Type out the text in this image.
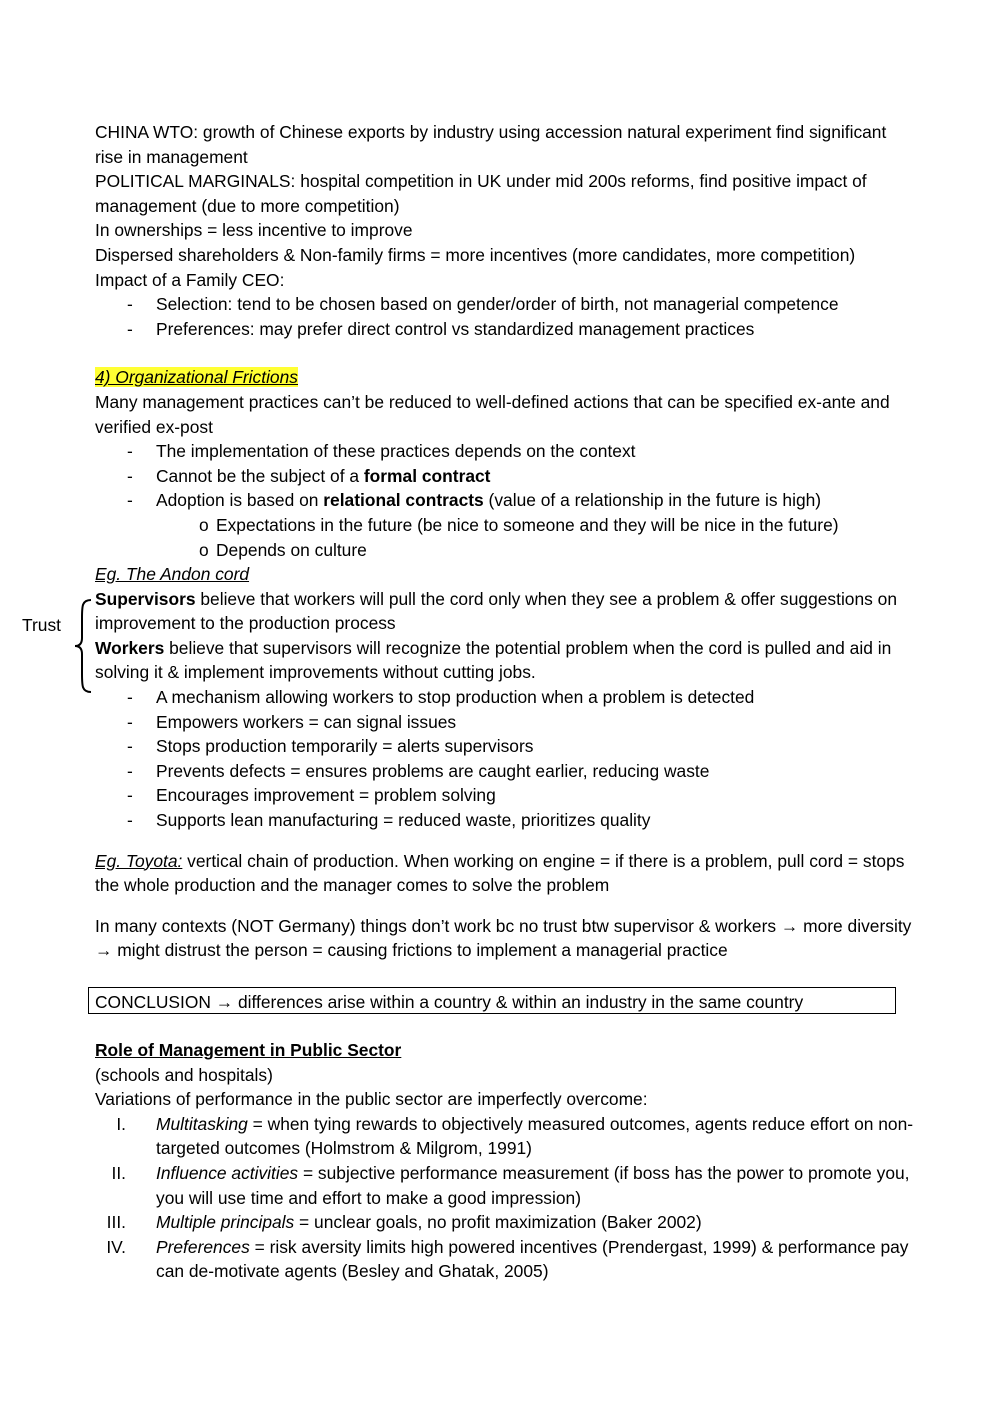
Trust

CHINA WTO: growth of Chinese exports by industry using accession natural experiment find significant rise in management

POLITICAL MARGINALS: hospital competition in UK under mid 200s reforms, find positive impact of management (due to more competition)

In ownerships = less incentive to improve

Dispersed shareholders & Non-family firms = more incentives (more candidates, more competition)

Impact of a Family CEO:

- Selection: tend to be chosen based on gender/order of birth, not managerial competence
- Preferences: may prefer direct control vs standardized management practices

4) Organizational Frictions

Many management practices can’t be reduced to well-defined actions that can be specified ex-ante and verified ex-post

- The implementation of these practices depends on the context
- Cannot be the subject of a formal contract
- Adoption is based on relational contracts (value of a relationship in the future is high)
o Expectations in the future (be nice to someone and they will be nice in the future)
o Depends on culture

Eg. The Andon cord

Supervisors believe that workers will pull the cord only when they see a problem & offer suggestions on improvement to the production process

Workers believe that supervisors will recognize the potential problem when the cord is pulled and aid in solving it & implement improvements without cutting jobs.

- A mechanism allowing workers to stop production when a problem is detected
- Empowers workers = can signal issues
- Stops production temporarily = alerts supervisors
- Prevents defects = ensures problems are caught earlier, reducing waste
- Encourages improvement = problem solving
- Supports lean manufacturing = reduced waste, prioritizes quality

Eg. Toyota: vertical chain of production. When working on engine = if there is a problem, pull cord = stops the whole production and the manager comes to solve the problem

In many contexts (NOT Germany) things don’t work bc no trust btw supervisor & workers → more diversity → might distrust the person = causing frictions to implement a managerial practice

CONCLUSION → differences arise within a country & within an industry in the same country

Role of Management in Public Sector

(schools and hospitals)

Variations of performance in the public sector are imperfectly overcome:

I. Multitasking = when tying rewards to objectively measured outcomes, agents reduce effort on non-targeted outcomes (Holmstrom & Milgrom, 1991)
II. Influence activities = subjective performance measurement (if boss has the power to promote you, you will use time and effort to make a good impression)
III. Multiple principals = unclear goals, no profit maximization (Baker 2002)
IV. Preferences = risk aversity limits high powered incentives (Prendergast, 1999) & performance pay can de-motivate agents (Besley and Ghatak, 2005)
